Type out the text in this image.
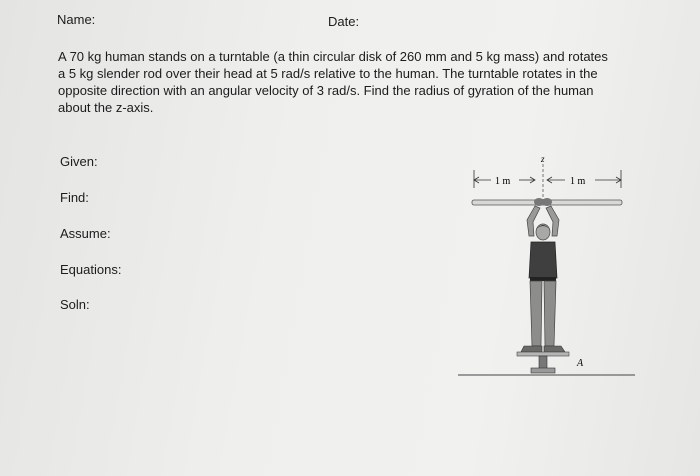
Name:	Date:
A 70 kg human stands on a turntable (a thin circular disk of 260 mm and 5 kg mass) and rotates
a 5 kg slender rod over their head at 5 rad/s relative to the human. The turntable rotates in the
opposite direction with an angular velocity of 3 rad/s. Find the radius of gyration of the human
about the z-axis.
Given:
Find:
Assume:
Equations:
Soln:
z
1 m	1 m
A
